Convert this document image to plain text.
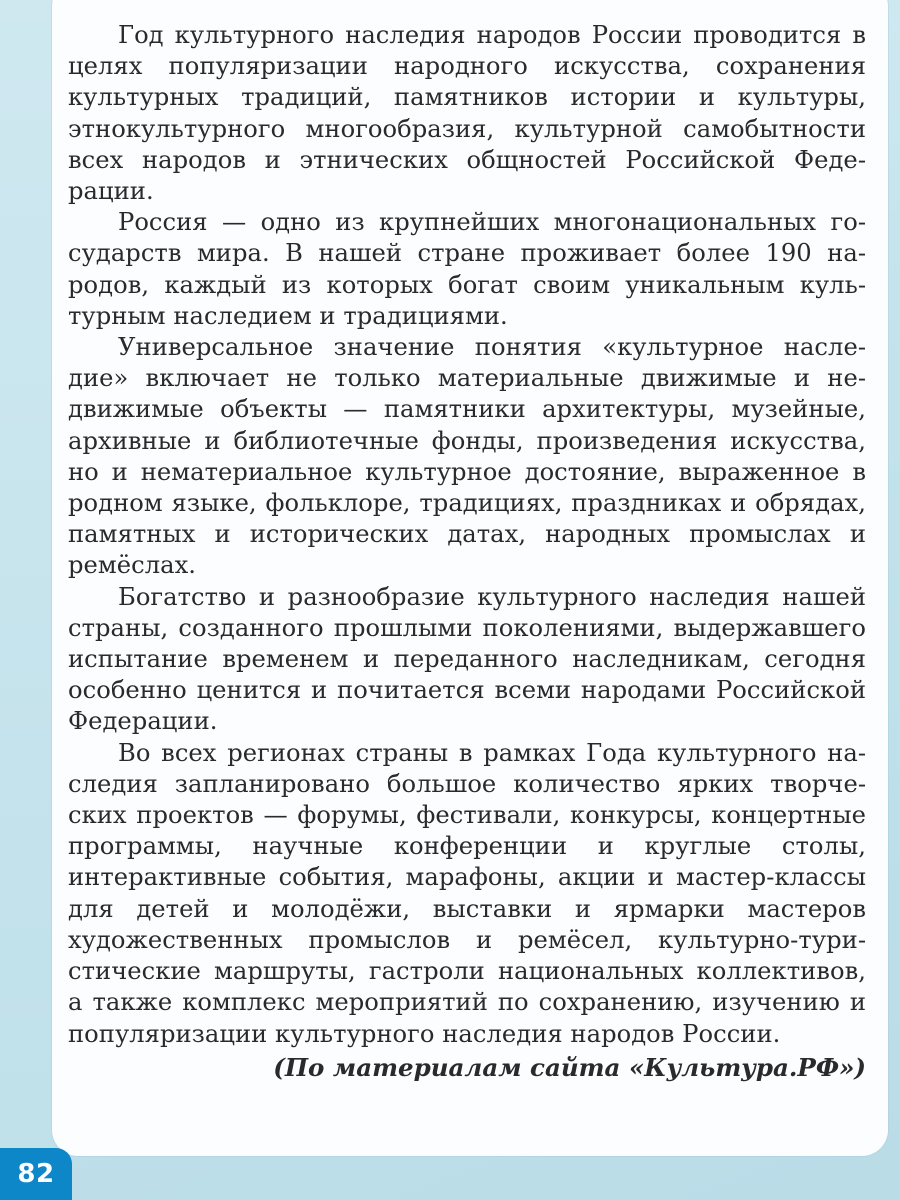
Год культурного наследия народов России проводится в целях популяризации народного искусства, сохранения культурных традиций, памятников истории и культуры, этнокультурного многообразия, культурной самобытности всех народов и этнических общностей Российской Федерации.

Россия — одно из крупнейших многонациональных государств мира. В нашей стране проживает более 190 народов, каждый из которых богат своим уникальным культурным наследием и традициями.

Универсальное значение понятия «культурное наследие» включает не только материальные движимые и недвижимые объекты — памятники архитектуры, музейные, архивные и библиотечные фонды, произведения искусства, но и нематериальное культурное достояние, выраженное в родном языке, фольклоре, традициях, праздниках и обрядах, памятных и исторических датах, народных промыслах и ремёслах.

Богатство и разнообразие культурного наследия нашей страны, созданного прошлыми поколениями, выдержавшего испытание временем и переданного наследникам, сегодня особенно ценится и почитается всеми народами Российской Федерации.

Во всех регионах страны в рамках Года культурного наследия запланировано большое количество ярких творческих проектов — форумы, фестивали, конкурсы, концертные программы, научные конференции и круглые столы, интерактивные события, марафоны, акции и мастер-классы для детей и молодёжи, выставки и ярмарки мастеров художественных промыслов и ремёсел, культурно-туристические маршруты, гастроли национальных коллективов, а также комплекс мероприятий по сохранению, изучению и популяризации культурного наследия народов России.

(По материалам сайта «Культура.РФ»)

82
